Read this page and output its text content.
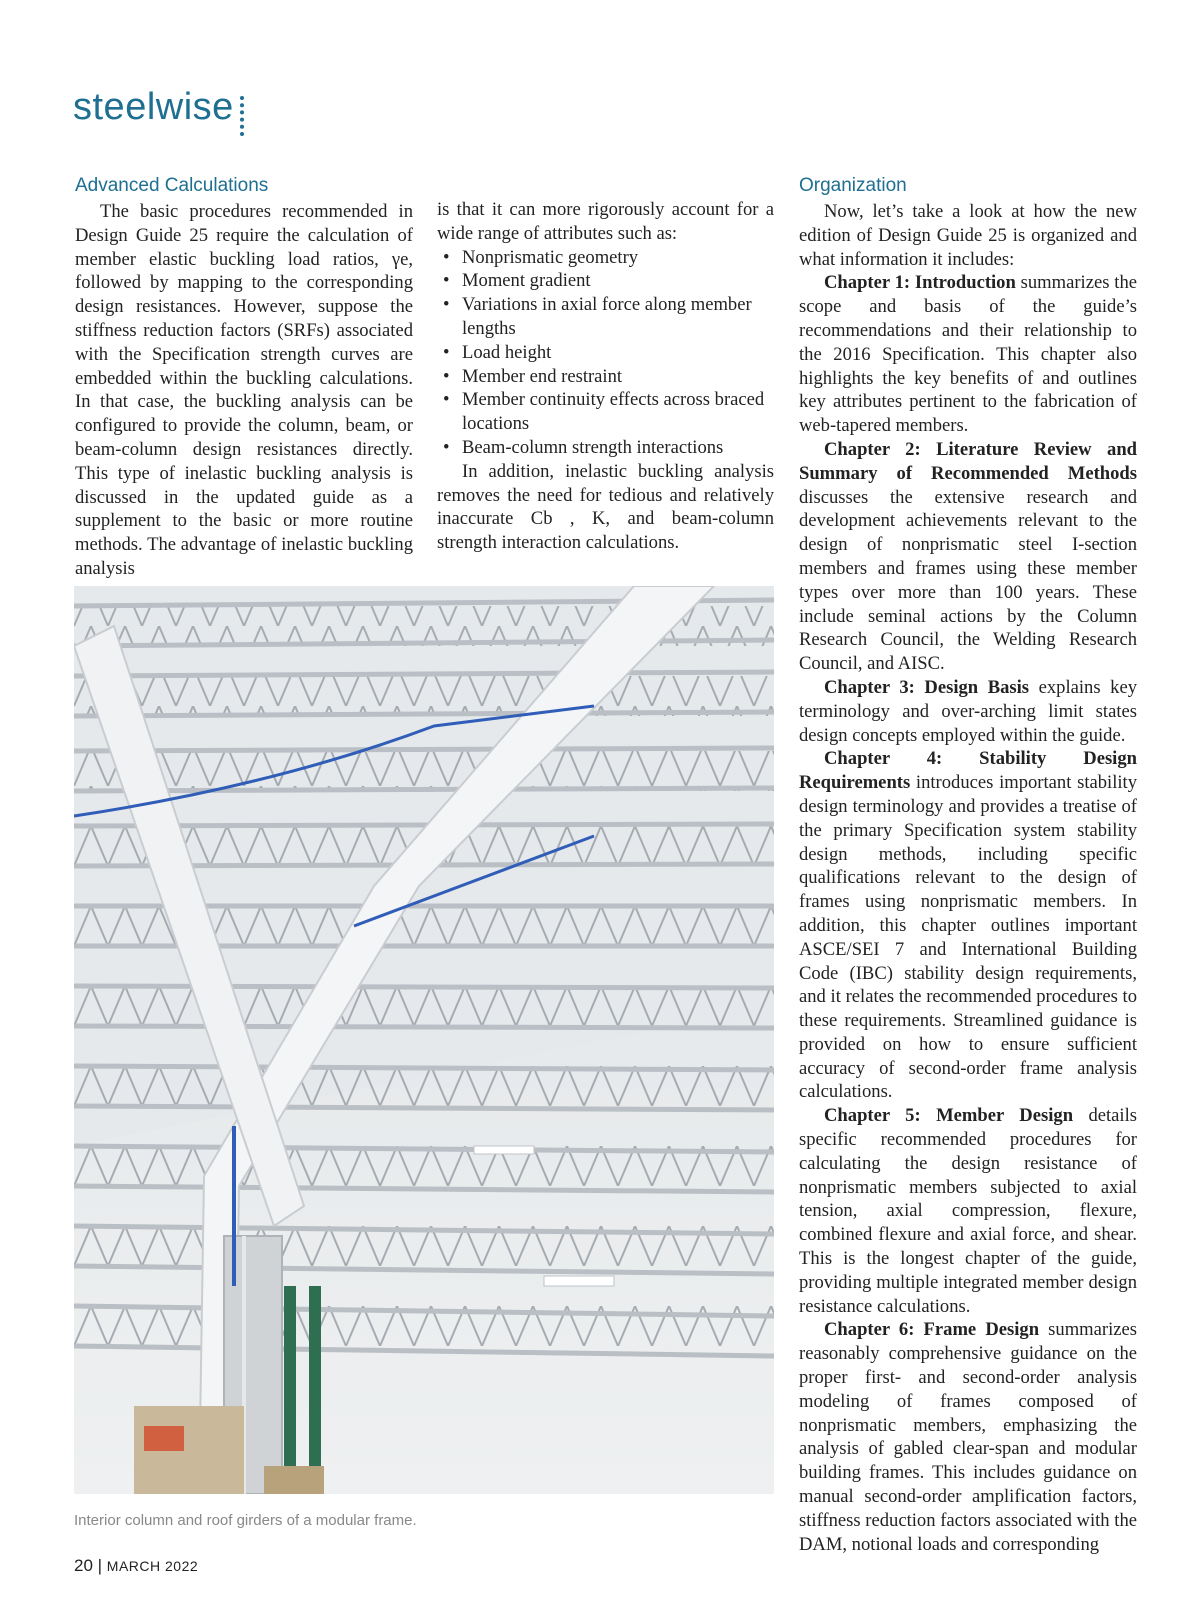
steelwise
Advanced Calculations

The basic procedures recommended in Design Guide 25 require the calculation of member elastic buckling load ratios, γe, followed by mapping to the corresponding design resistances. However, suppose the stiffness reduction factors (SRFs) associated with the Specification strength curves are embedded within the buckling calculations. In that case, the buckling analysis can be configured to provide the column, beam, or beam-column design resistances directly. This type of inelastic buckling analysis is discussed in the updated guide as a supplement to the basic or more routine methods. The advantage of inelastic buckling analysis

is that it can more rigorously account for a wide range of attributes such as:

• Nonprismatic geometry
• Moment gradient
• Variations in axial force along member lengths
• Load height
• Member end restraint
• Member continuity effects across braced locations
• Beam-column strength interactions

In addition, inelastic buckling analysis removes the need for tedious and relatively inaccurate Cb , K, and beam-column strength interaction calculations.

Organization

Now, let’s take a look at how the new edition of Design Guide 25 is organized and what information it includes:

Chapter 1: Introduction summarizes the scope and basis of the guide’s recommendations and their relationship to the 2016 Specification. This chapter also highlights the key benefits of and outlines key attributes pertinent to the fabrication of web-tapered members.

Chapter 2: Literature Review and Summary of Recommended Methods discusses the extensive research and development achievements relevant to the design of nonprismatic steel I-section members and frames using these member types over more than 100 years. These include seminal actions by the Column Research Council, the Welding Research Council, and AISC.

Chapter 3: Design Basis explains key terminology and over-arching limit states design concepts employed within the guide.

Chapter 4: Stability Design Requirements introduces important stability design terminology and provides a treatise of the primary Specification system stability design methods, including specific qualifications relevant to the design of frames using nonprismatic members. In addition, this chapter outlines important ASCE/SEI 7 and International Building Code (IBC) stability design requirements, and it relates the recommended procedures to these requirements. Streamlined guidance is provided on how to ensure sufficient accuracy of second-order frame analysis calculations.

Chapter 5: Member Design details specific recommended procedures for calculating the design resistance of nonprismatic members subjected to axial tension, axial compression, flexure, combined flexure and axial force, and shear. This is the longest chapter of the guide, providing multiple integrated member design resistance calculations.

Chapter 6: Frame Design summarizes reasonably comprehensive guidance on the proper first- and second-order analysis modeling of frames composed of nonprismatic members, emphasizing the analysis of gabled clear-span and modular building frames. This includes guidance on manual second-order amplification factors, stiffness reduction factors associated with the DAM, notional loads and corresponding

Interior column and roof girders of a modular frame.
20 | MARCH 2022
